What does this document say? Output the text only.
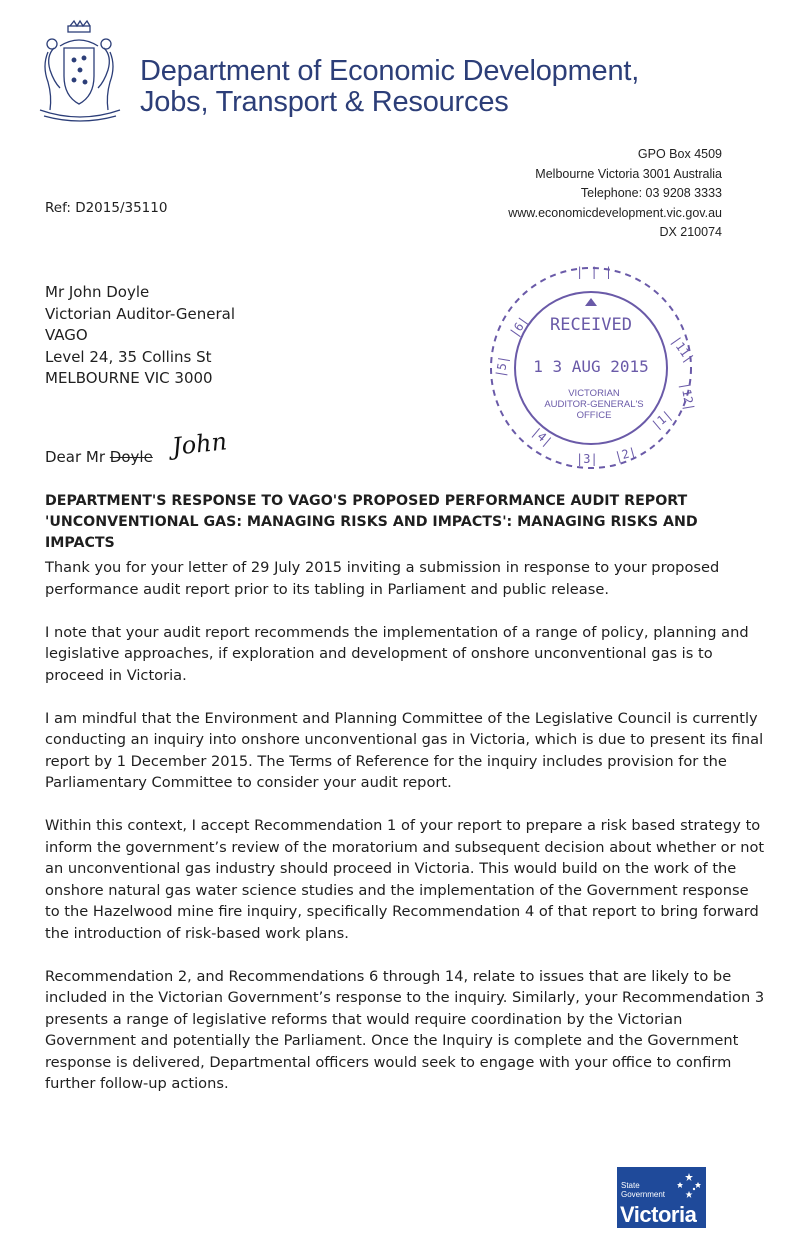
Department of Economic Development,
Jobs, Transport & Resources
GPO Box 4509
Melbourne Victoria 3001 Australia
Telephone: 03 9208 3333
www.economicdevelopment.vic.gov.au
DX 210074
Ref: D2015/35110
Mr John Doyle
Victorian Auditor-General
VAGO
Level 24, 35 Collins St
MELBOURNE VIC 3000	|5|
|6|
|11|
|12|
|4|
|3| |2|
|1|
| | |
RECEIVED
1 3 AUG 2015
VICTORIAN
AUDITOR-GENERAL'S
OFFICE
Dear Mr Doyle John
DEPARTMENT'S RESPONSE TO VAGO'S PROPOSED PERFORMANCE AUDIT REPORT
'UNCONVENTIONAL GAS: MANAGING RISKS AND IMPACTS': MANAGING RISKS AND IMPACTS

Thank you for your letter of 29 July 2015 inviting a submission in response to your proposed performance audit report prior to its tabling in Parliament and public release.

I note that your audit report recommends the implementation of a range of policy, planning and legislative approaches, if exploration and development of onshore unconventional gas is to proceed in Victoria.

I am mindful that the Environment and Planning Committee of the Legislative Council is currently conducting an inquiry into onshore unconventional gas in Victoria, which is due to present its final report by 1 December 2015. The Terms of Reference for the inquiry includes provision for the Parliamentary Committee to consider your audit report.

Within this context, I accept Recommendation 1 of your report to prepare a risk based strategy to inform the government’s review of the moratorium and subsequent decision about whether or not an unconventional gas industry should proceed in Victoria. This would build on the work of the onshore natural gas water science studies and the implementation of the Government response to the Hazelwood mine fire inquiry, specifically Recommendation 4 of that report to bring forward the introduction of risk-based work plans.

Recommendation 2, and Recommendations 6 through 14, relate to issues that are likely to be included in the Victorian Government’s response to the inquiry. Similarly, your Recommendation 3 presents a range of legislative reforms that would require coordination by the Victorian Government and potentially the Parliament. Once the Inquiry is complete and the Government response is delivered, Departmental officers would seek to engage with your office to confirm further follow-up actions.

State
Government
Victoria
